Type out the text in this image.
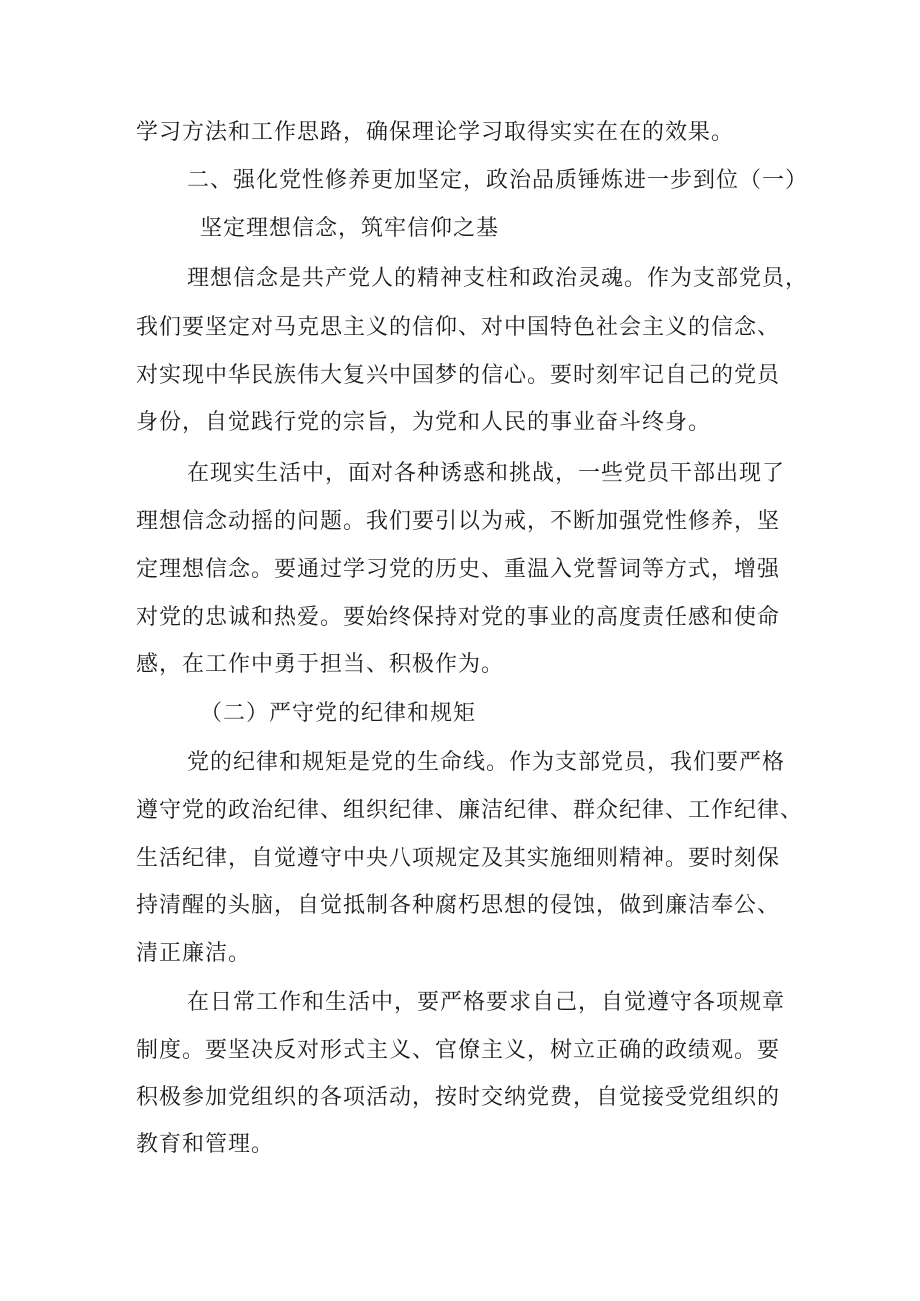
学习方法和工作思路，确保理论学习取得实实在在的效果。
二、强化党性修养更加坚定，政治品质锤炼进一步到位（一）
坚定理想信念，筑牢信仰之基
理想信念是共产党人的精神支柱和政治灵魂。作为支部党员，
我们要坚定对马克思主义的信仰、对中国特色社会主义的信念、
对实现中华民族伟大复兴中国梦的信心。要时刻牢记自己的党员
身份，自觉践行党的宗旨，为党和人民的事业奋斗终身。
在现实生活中，面对各种诱惑和挑战，一些党员干部出现了
理想信念动摇的问题。我们要引以为戒，不断加强党性修养，坚
定理想信念。要通过学习党的历史、重温入党誓词等方式，增强
对党的忠诚和热爱。要始终保持对党的事业的高度责任感和使命
感，在工作中勇于担当、积极作为。
（二）严守党的纪律和规矩
党的纪律和规矩是党的生命线。作为支部党员，我们要严格
遵守党的政治纪律、组织纪律、廉洁纪律、群众纪律、工作纪律、
生活纪律，自觉遵守中央八项规定及其实施细则精神。要时刻保
持清醒的头脑，自觉抵制各种腐朽思想的侵蚀，做到廉洁奉公、
清正廉洁。
在日常工作和生活中，要严格要求自己，自觉遵守各项规章
制度。要坚决反对形式主义、官僚主义，树立正确的政绩观。要
积极参加党组织的各项活动，按时交纳党费，自觉接受党组织的
教育和管理。
